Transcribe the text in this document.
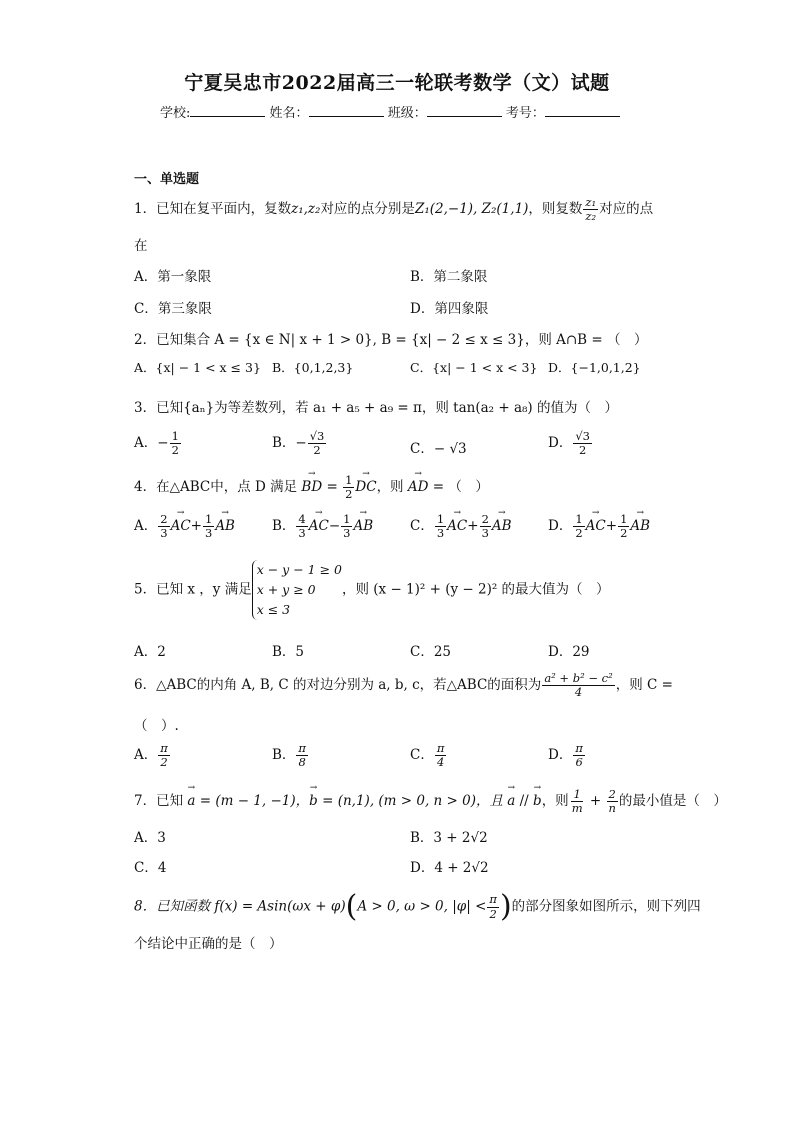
宁夏吴忠市2022届高三一轮联考数学（文）试题
学校:	姓名：	班级：	考号：
一、单选题
1．已知在复平面内，复数z₁,z₂对应的点分别是Z₁(2,−1), Z₂(1,1)，则复数 $\frac{\text{z₁}}{\text{z₂}}$ 对应的点
在
A．第一象限	B．第二象限
C．第三象限	D．第四象限
2．已知集合 A = {x ∈ N| x + 1 > 0}, B = {x| − 2 ≤ x ≤ 3}，则 A∩B = （　）
A．{x| − 1 < x ≤ 3} B．{0,1,2,3}	C．{x| − 1 < x < 3} D．{−1,0,1,2}
3．已知{aₙ}为等差数列，若 a₁ + a₅ + a₉ = π，则 tan(a₂ + a₈) 的值为（　）
A．− $\frac{1}{2}$	B．− $\frac{√3}{2}$	C．− √3	D． $\frac{√3}{2}$
4．在△ABC中，点 D 满足 → BD = $\frac{1}{2}$
→ DC，则 → AD = （　）
A． $\frac{2}{3}$
→ $AC+ \frac{1}{3}$
→ AB	B． $\frac{4}{3}$
→ $AC- \frac{1}{3}$
→ AB	C． $\frac{1}{3}$
→ $AC+ \frac{2}{3}$
→ AB	D． $\frac{1}{2}$
→ $AC+ \frac{1}{2}$
→ AB
5．已知 x ，y 满足
x − y − 1 ≥ 0
x + y ≥ 0
x ≤ 3
，则 (x − 1)² + (y − 2)² 的最大值为（　）
A．2	B．5	C．25	D．29
6．△ABC的内角 A, B, C 的对边分别为 a, b, c，若△ABC的面积为 $\frac{\text{a² + b² − c²}}{4}$ ，则 C =
（　）.
A． $\frac{\pi}{2}$	B． $\frac{\pi}{8}$	C． $\frac{\pi}{4}$	D． $\frac{\pi}{6}$
7．已知 → a = (m − 1, −1)，→ b = (n,1), (m > 0, n > 0)，且 → a // → b，则 $\frac{1}{m} + \frac{2}{n}$ 的最小值是（　）
A．3	B．3 + 2√2
C．4	D．4 + 2√2
8．已知函数 f(x) = Asin(ωx + φ)(A > 0, ω > 0, $|\varphi| < \frac{\pi}{2}$ )的部分图象如图所示，则下列四
个结论中正确的是（　）
